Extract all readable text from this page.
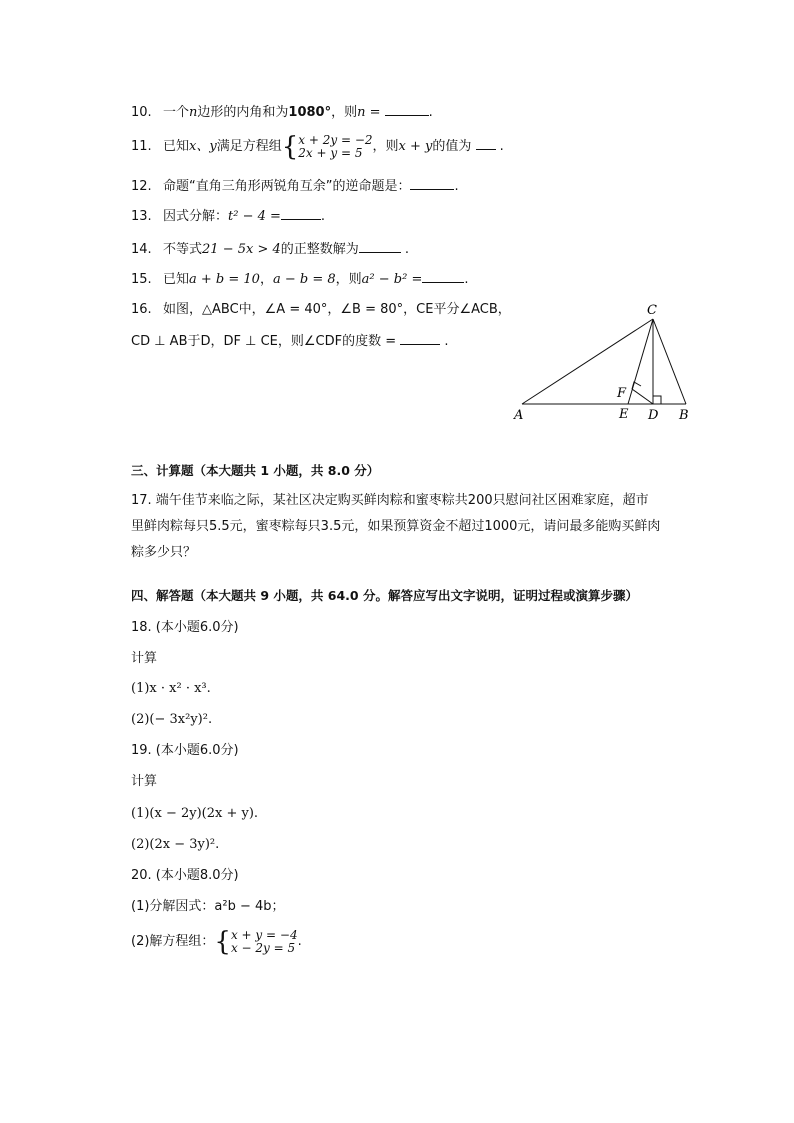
10. 一个n边形的内角和为1080°，则n =	.
11. 已知x、y满足方程组{ x + 2y = −2
2x + y = 5 ，则x + y的值为 .
12. 命题“直角三角形两锐角互余”的逆命题是：	.
13. 因式分解：t² − 4 =	.
14. 不等式21 − 5x > 4的正整数解为	.
15. 已知a + b = 10，a − b = 8，则a² − b² =	.
16. 如图，△ABC中，∠A = 40°，∠B = 80°，CE平分∠ACB，
CD ⊥ AB于D，DF ⊥ CE，则∠CDF的度数 =	.
A	B
C
D
E
F
三、计算题（本大题共 1 小题，共 8.0 分）
17. 端午佳节来临之际，某社区决定购买鲜肉粽和蜜枣粽共200只慰问社区困难家庭，超市
里鲜肉粽每只5.5元，蜜枣粽每只3.5元，如果预算资金不超过1000元，请问最多能购买鲜肉
粽多少只？
四、解答题（本大题共 9 小题，共 64.0 分。解答应写出文字说明，证明过程或演算步骤）
18. (本小题6.0分)
计算
(1)x · x² · x³.
(2)(− 3x²y)².
19. (本小题6.0分)
计算
(1)(x − 2y)(2x + y).
(2)(2x − 3y)².
20. (本小题8.0分)
(1)分解因式：a²b − 4b；
(2)解方程组：{ x + y = −4
x − 2y = 5 .
